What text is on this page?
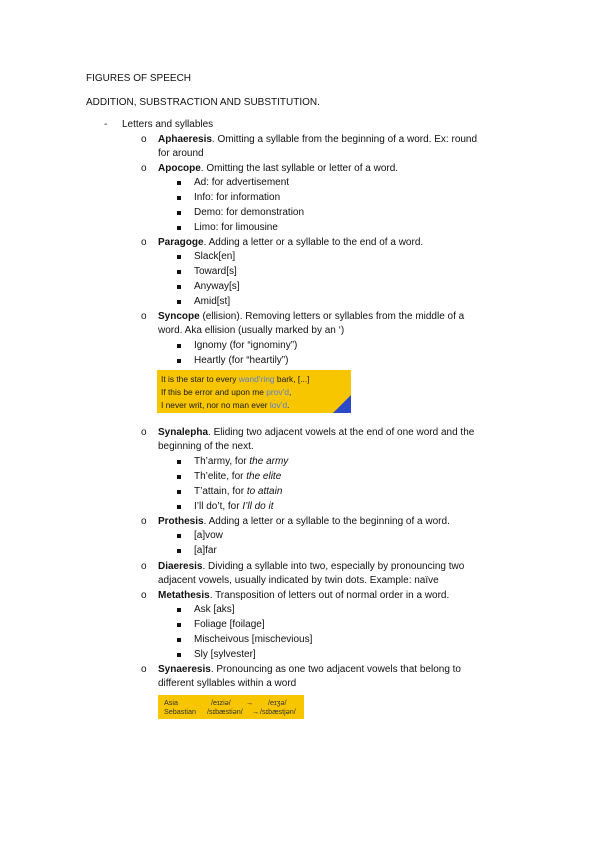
FIGURES OF SPEECH
ADDITION, SUBSTRACTION AND SUBSTITUTION.
- Letters and syllables
o Aphaeresis. Omitting a syllable from the beginning of a word. Ex: round
for around
o Apocope. Omitting the last syllable or letter of a word.
Ad: for advertisement
Info: for information
Demo: for demonstration
Limo: for limousine
o Paragoge. Adding a letter or a syllable to the end of a word.
Slack[en]
Toward[s]
Anyway[s]
Amid[st]
o Syncope (ellision). Removing letters or syllables from the middle of a
word. Aka ellision (usually marked by an ‘)
Ignomy (for “ignominy”)
Heartly (for “heartily”)
It is the star to every wand’ring bark, [...]
If this be error and upon me prov’d,
I never writ, nor no man ever lov’d.
o Synalepha. Eliding two adjacent vowels at the end of one word and the
beginning of the next.
Th’army, for the army
Th’elite, for the elite
T’attain, for to attain
I’ll do’t, for I’ll do it
o Prothesis. Adding a letter or a syllable to the beginning of a word.
[a]vow
[a]far
o Diaeresis. Dividing a syllable into two, especially by pronouncing two
adjacent vowels, usually indicated by twin dots. Example: naïve
o Metathesis. Transposition of letters out of normal order in a word.
Ask [aks]
Foliage [foilage]
Mischeivous [mischevious]
Sly [sylvester]
o Synaeresis. Pronouncing as one two adjacent vowels that belong to
different syllables within a word
Asia	/eɪziə/ → /eɪʒə/
Sebastian /sɪbæstiən/ → /sɪbæstjən/
